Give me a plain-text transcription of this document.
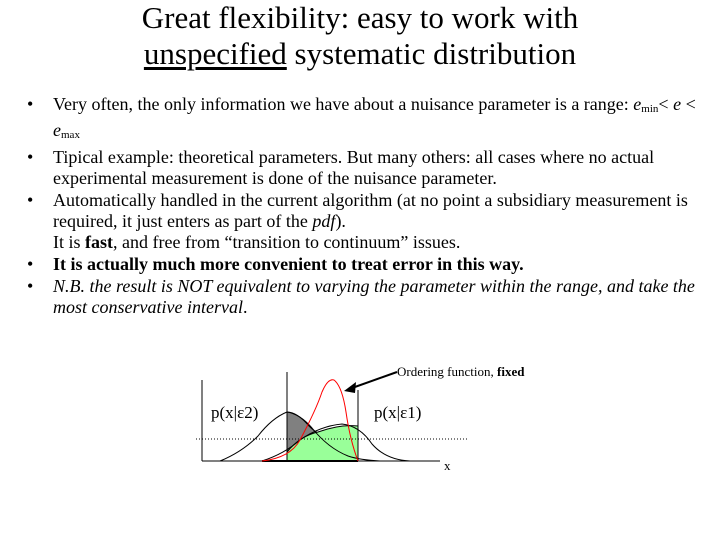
Great flexibility: easy to work with
unspecified systematic distribution
• Very often, the only information we have about a nuisance parameter is a range: $e_{min}< e < e_{max}$
• Tipical example: theoretical parameters. But many others: all cases where no actual experimental measurement is done of the nuisance parameter.
• Automatically handled in the current algorithm (at no point a subsidiary measurement is required, it just enters as part of the pdf).
It is fast, and free from “transition to continuum” issues.
• It is actually much more convenient to treat error in this way.
• N.B. the result is NOT equivalent to varying the parameter within the range, and take the most conservative interval.
Ordering function, fixed
p(x|ε2)	p(x|ε1)
x
